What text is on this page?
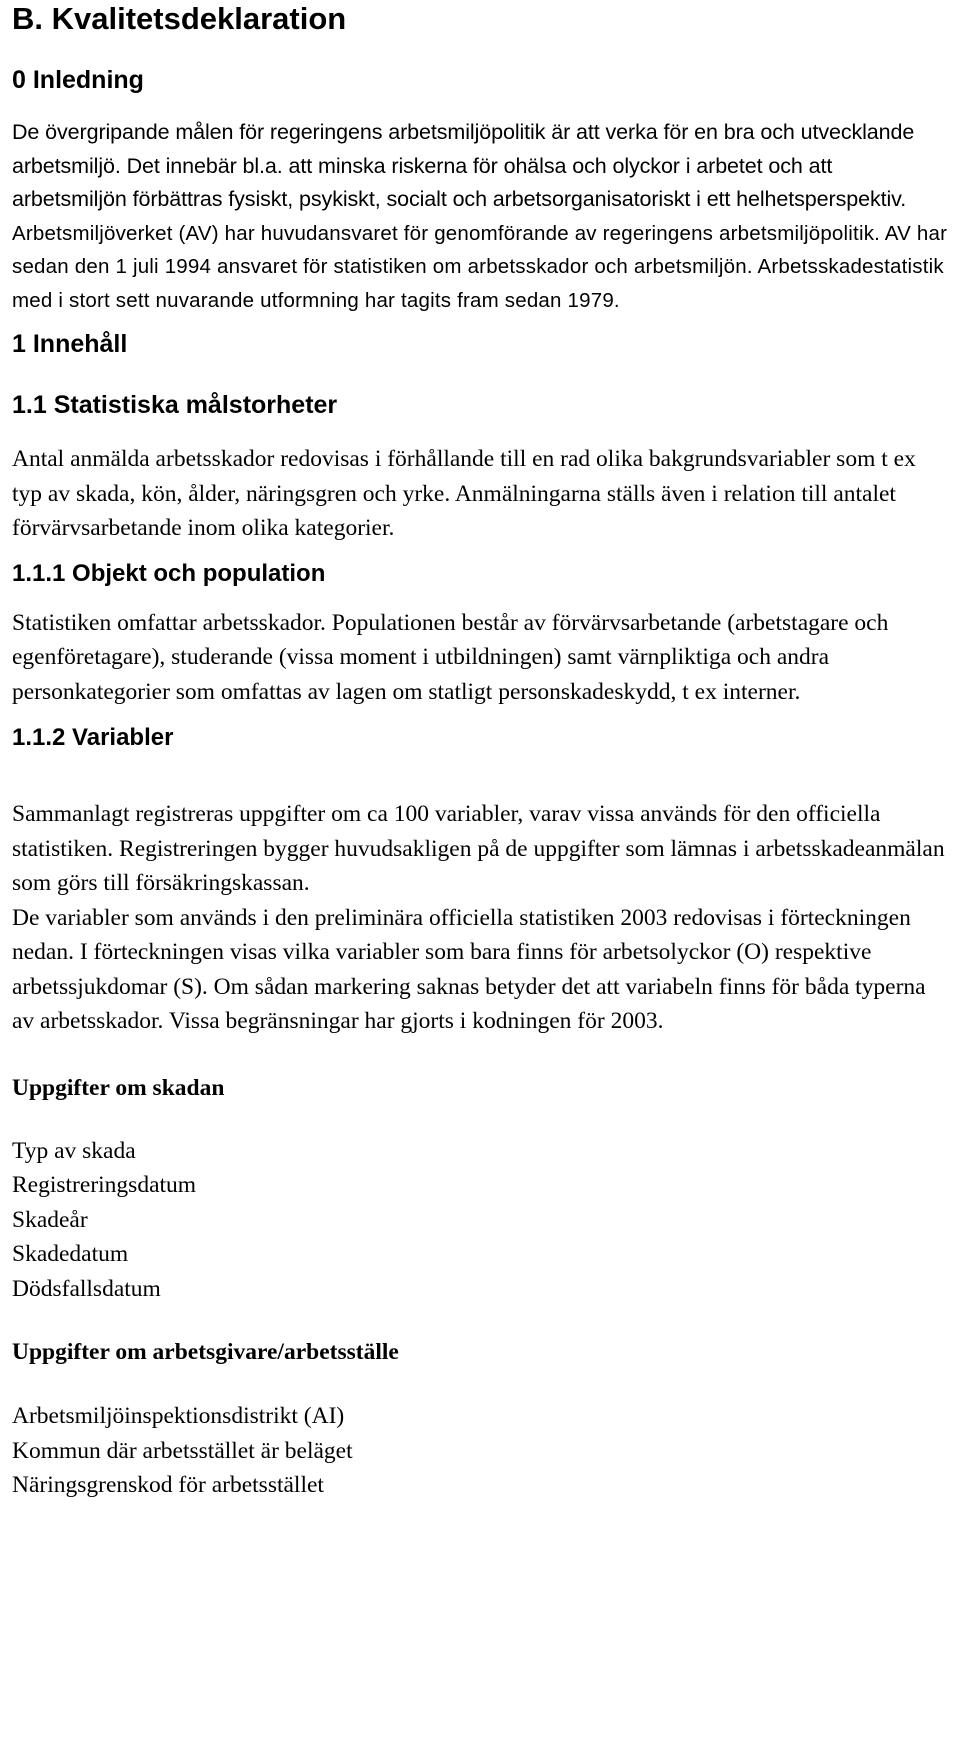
B. Kvalitetsdeklaration
0 Inledning

De övergripande målen för regeringens arbetsmiljöpolitik är att verka för en bra och utvecklande arbetsmiljö. Det innebär bl.a. att minska riskerna för ohälsa och olyckor i arbetet och att arbetsmiljön förbättras fysiskt, psykiskt, socialt och arbetsorganisatoriskt i ett helhetsperspektiv. Arbetsmiljöverket (AV) har huvudansvaret för genomförande av regeringens arbetsmiljöpolitik. AV har sedan den 1 juli 1994 ansvaret för statistiken om arbetsskador och arbetsmiljön. Arbetsskadestatistik med i stort sett nuvarande utformning har tagits fram sedan 1979.

1 Innehåll
1.1 Statistiska målstorheter

Antal anmälda arbetsskador redovisas i förhållande till en rad olika bakgrundsvariabler som t ex typ av skada, kön, ålder, näringsgren och yrke. Anmälningarna ställs även i relation till antalet förvärvsarbetande inom olika kategorier.

1.1.1 Objekt och population

Statistiken omfattar arbetsskador. Populationen består av förvärvsarbetande (arbetstagare och egenföretagare), studerande (vissa moment i utbildningen) samt värnpliktiga och andra personkategorier som omfattas av lagen om statligt personskadeskydd, t ex interner.

1.1.2 Variabler

Sammanlagt registreras uppgifter om ca 100 variabler, varav vissa används för den officiella statistiken. Registreringen bygger huvudsakligen på de uppgifter som lämnas i arbetsskadeanmälan som görs till försäkringskassan.

De variabler som används i den preliminära officiella statistiken 2003 redovisas i förteckningen nedan. I förteckningen visas vilka variabler som bara finns för arbetsolyckor (O) respektive arbetssjukdomar (S). Om sådan markering saknas betyder det att variabeln finns för båda typerna av arbetsskador. Vissa begränsningar har gjorts i kodningen för 2003.

Uppgifter om skadan
Typ av skada
Registreringsdatum
Skadeår
Skadedatum
Dödsfallsdatum
Uppgifter om arbetsgivare/arbetsställe
Arbetsmiljöinspektionsdistrikt (AI)
Kommun där arbetsstället är beläget
Näringsgrenskod för arbetsstället
